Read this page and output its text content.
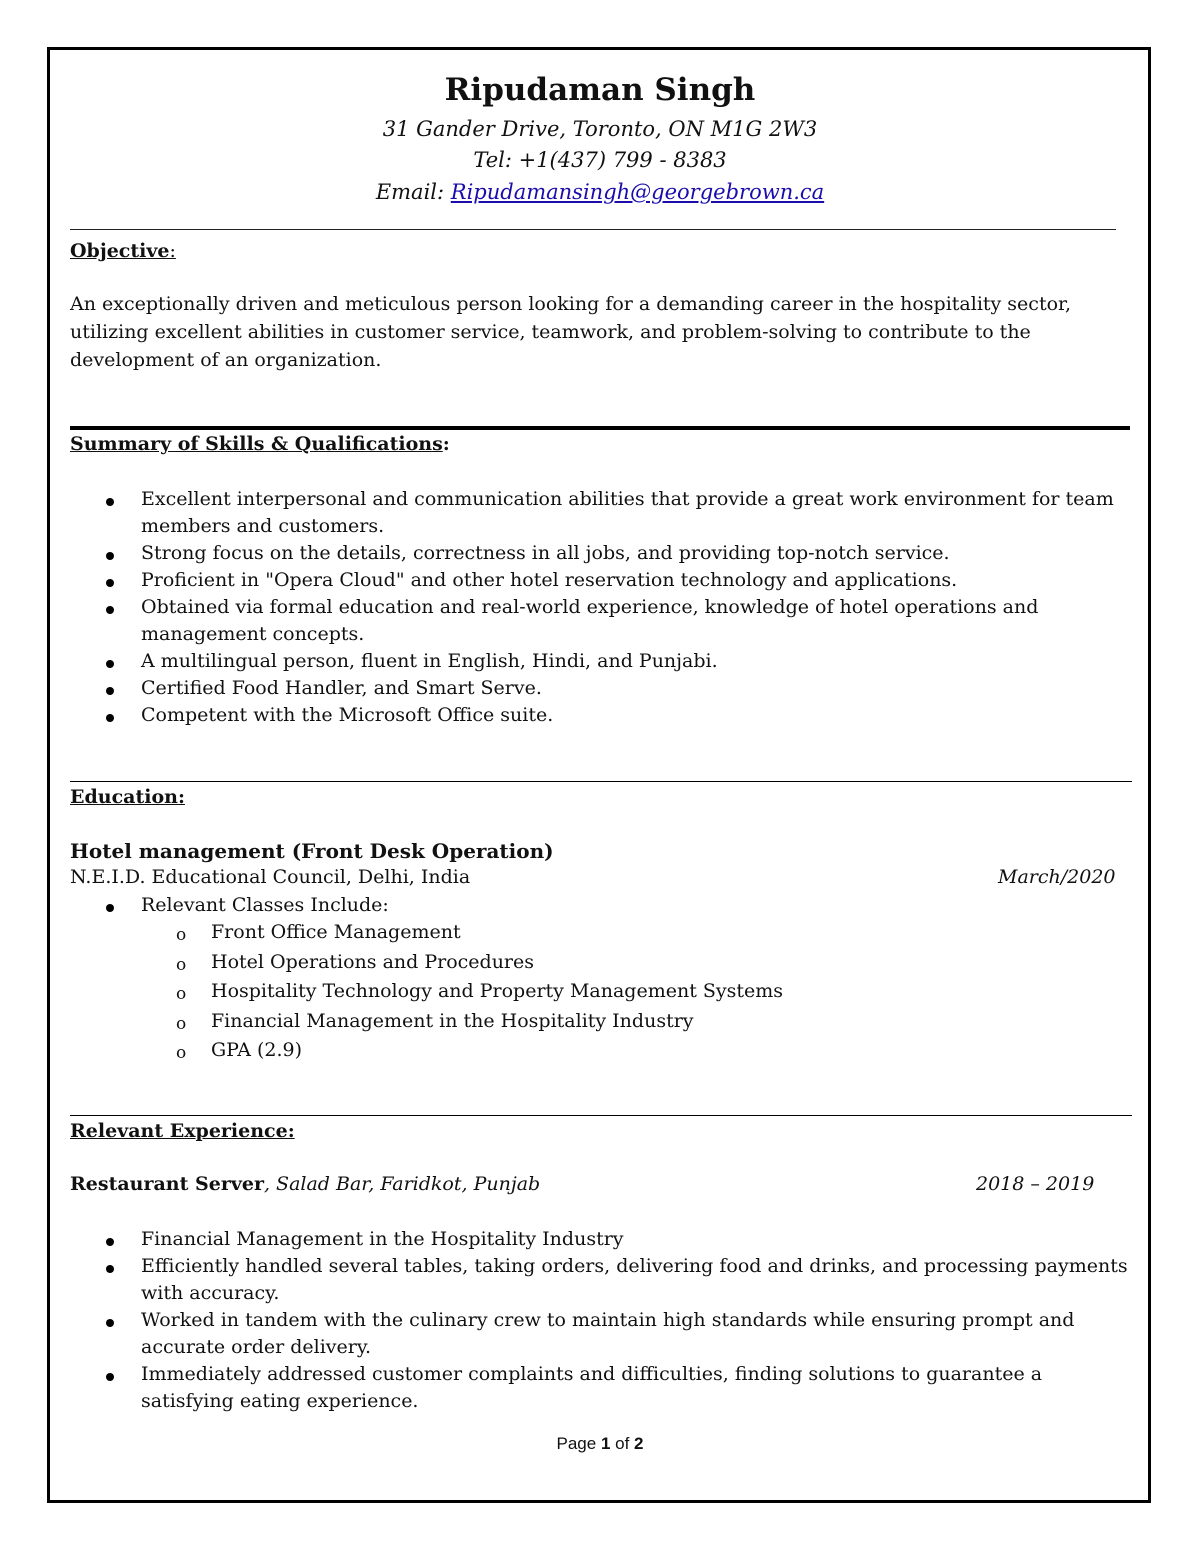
Ripudaman Singh
31 Gander Drive, Toronto, ON M1G 2W3
Tel: +1(437) 799 - 8383
Email: Ripudamansingh@georgebrown.ca
Objective:
An exceptionally driven and meticulous person looking for a demanding career in the hospitality sector, utilizing excellent abilities in customer service, teamwork, and problem-solving to contribute to the development of an organization.
Summary of Skills & Qualifications:
Excellent interpersonal and communication abilities that provide a great work environment for team members and customers.
Strong focus on the details, correctness in all jobs, and providing top-notch service.
Proficient in "Opera Cloud" and other hotel reservation technology and applications.
Obtained via formal education and real-world experience, knowledge of hotel operations and management concepts.
A multilingual person, fluent in English, Hindi, and Punjabi.
Certified Food Handler, and Smart Serve.
Competent with the Microsoft Office suite.
Education:
Hotel management (Front Desk Operation)
N.E.I.D. Educational Council, Delhi, India	March/2020
Relevant Classes Include:
o Front Office Management
o Hotel Operations and Procedures
o Hospitality Technology and Property Management Systems
o Financial Management in the Hospitality Industry
o GPA (2.9)
Relevant Experience:
Restaurant Server, Salad Bar, Faridkot, Punjab	2018 – 2019
Financial Management in the Hospitality Industry
Efficiently handled several tables, taking orders, delivering food and drinks, and processing payments with accuracy.
Worked in tandem with the culinary crew to maintain high standards while ensuring prompt and accurate order delivery.
Immediately addressed customer complaints and difficulties, finding solutions to guarantee a satisfying eating experience.
Page 1 of 2
